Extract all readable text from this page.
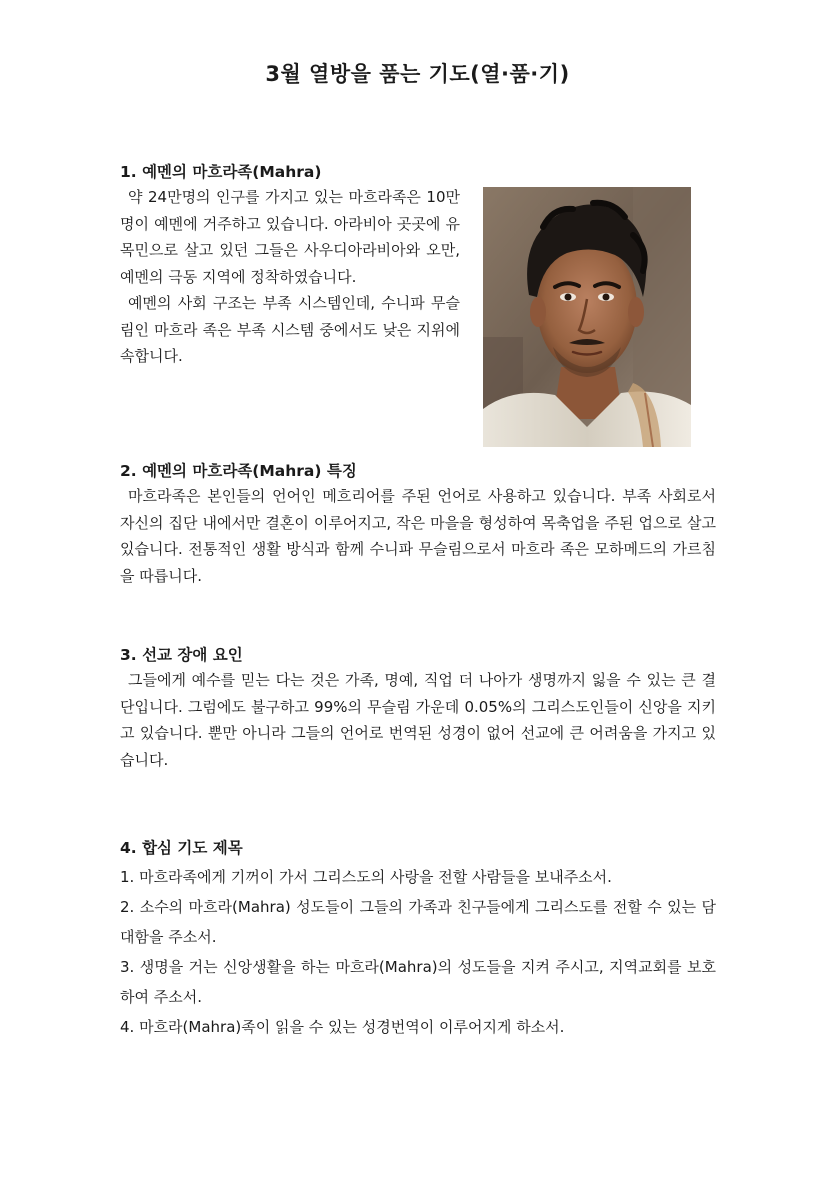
3월 열방을 품는 기도(열·품·기)
1. 예멘의 마흐라족(Mahra)

약 24만명의 인구를 가지고 있는 마흐라족은 10만명이 예멘에 거주하고 있습니다. 아라비아 곳곳에 유목민으로 살고 있던 그들은 사우디아라비아와 오만, 예멘의 극동 지역에 정착하였습니다.

예멘의 사회 구조는 부족 시스템인데, 수니파 무슬림인 마흐라 족은 부족 시스템 중에서도 낮은 지위에 속합니다.

2. 예멘의 마흐라족(Mahra) 특징

마흐라족은 본인들의 언어인 메흐리어를 주된 언어로 사용하고 있습니다. 부족 사회로서 자신의 집단 내에서만 결혼이 이루어지고, 작은 마을을 형성하여 목축업을 주된 업으로 살고 있습니다. 전통적인 생활 방식과 함께 수니파 무슬림으로서 마흐라 족은 모하메드의 가르침을 따릅니다.

3. 선교 장애 요인

그들에게 예수를 믿는 다는 것은 가족, 명예, 직업 더 나아가 생명까지 잃을 수 있는 큰 결단입니다. 그럼에도 불구하고 99%의 무슬림 가운데 0.05%의 그리스도인들이 신앙을 지키고 있습니다. 뿐만 아니라 그들의 언어로 번역된 성경이 없어 선교에 큰 어려움을 가지고 있습니다.

4. 합심 기도 제목
1. 마흐라족에게 기꺼이 가서 그리스도의 사랑을 전할 사람들을 보내주소서.
2. 소수의 마흐라(Mahra) 성도들이 그들의 가족과 친구들에게 그리스도를 전할 수 있는 담대함을 주소서.
3. 생명을 거는 신앙생활을 하는 마흐라(Mahra)의 성도들을 지켜 주시고, 지역교회를 보호하여 주소서.
4. 마흐라(Mahra)족이 읽을 수 있는 성경번역이 이루어지게 하소서.
